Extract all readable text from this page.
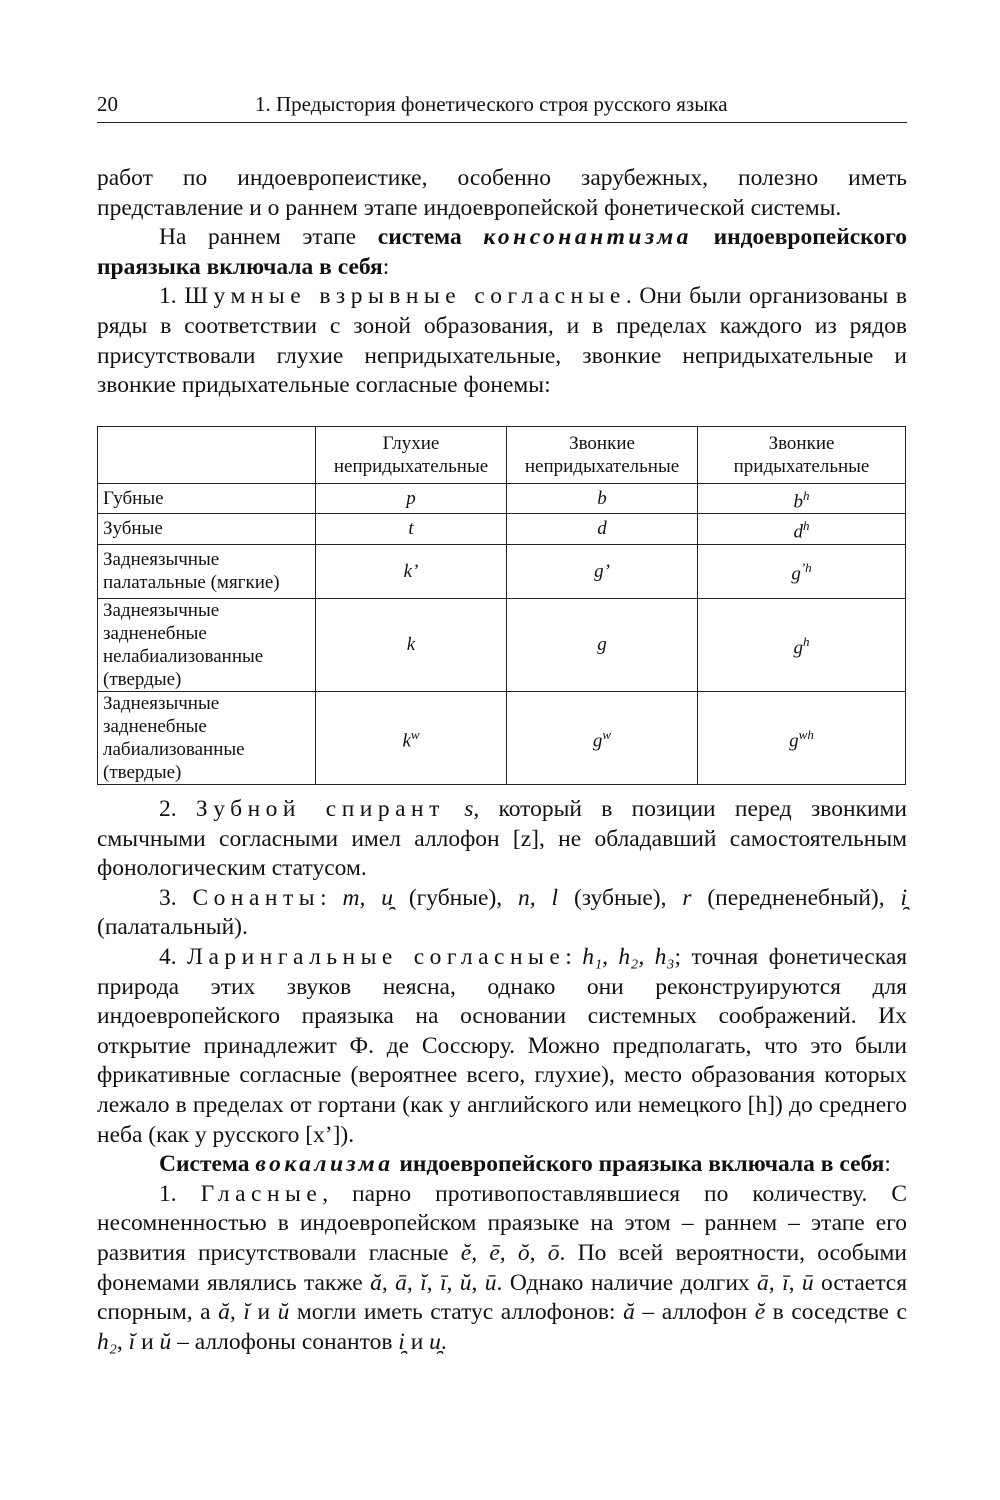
20	1. Предыстория фонетического строя русского языка

работ по индоевропеистике, особенно зарубежных, полезно иметь представление и о раннем этапе индоевропейской фонетической системы.

На раннем этапе система консонантизма индоевропейского праязыка включала в себя:

1. Шумные взрывные согласные. Они были организованы в ряды в соответствии с зоной образования, и в пределах каждого из рядов присутствовали глухие непридыхательные, звонкие непридыхательные и звонкие придыхательные согласные фонемы:

	Глухие непридыхательные	Звонкие непридыхательные	Звонкие придыхательные
Губные	p	b	$b^h$
Зубные	t	d	$d^h$
Заднеязычные палатальные (мягкие)	k’	g’	$g^{’h}$
Заднеязычные задненебные нелабиализованные (твердые)	k	g	$g^h$
Заднеязычные задненебные лабиализованные (твердые)	$k^w$	$g^w$	$g^{wh}$

2. Зубной спирант s, который в позиции перед звонкими смычными согласными имел аллофон [z], не обладавший самостоятельным фонологическим статусом.

3. Сонанты: m, u̯ (губные), n, l (зубные), r (передненебный), i̯ (палатальный).

4. Ларингальные согласные: h₁, h₂, h₃; точная фонетическая природа этих звуков неясна, однако они реконструируются для индоевропейского праязыка на основании системных соображений. Их открытие принадлежит Ф. де Соссюру. Можно предполагать, что это были фрикативные согласные (вероятнее всего, глухие), место образования которых лежало в пределах от гортани (как у английского или немецкого [h]) до среднего неба (как у русского [x’]).

Система вокализма индоевропейского праязыка включала в себя:

1. Гласные, парно противопоставлявшиеся по количеству. С несомненностью в индоевропейском праязыке на этом – раннем – этапе его развития присутствовали гласные ĕ, ē, ŏ, ō. По всей вероятности, особыми фонемами являлись также ă, ā, ĭ, ī, ŭ, ū. Однако наличие долгих ā, ī, ū остается спорным, а ă, ĭ и ŭ могли иметь статус аллофонов: ă – аллофон ĕ в соседстве с h₂, ĭ и ŭ – аллофоны сонантов i̯ и u̯.
